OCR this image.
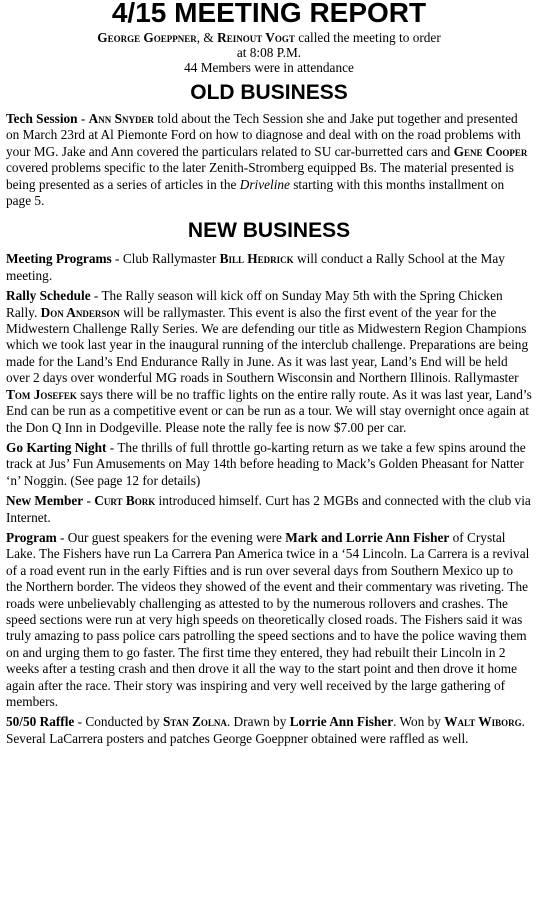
4/15 MEETING REPORT
George Goeppner, & Reinout Vogt called the meeting to order
at 8:08 P.M.
44 Members were in attendance
OLD BUSINESS

Tech Session - Ann Snyder told about the Tech Session she and Jake put together and presented on March 23rd at Al Piemonte Ford on how to diagnose and deal with on the road problems with your MG. Jake and Ann covered the particulars related to SU car-burretted cars and Gene Cooper covered problems specific to the later Zenith-Stromberg equipped Bs. The material presented is being presented as a series of articles in the Driveline starting with this months installment on page 5.

NEW BUSINESS

Meeting Programs - Club Rallymaster Bill Hedrick will conduct a Rally School at the May meeting.

Rally Schedule - The Rally season will kick off on Sunday May 5th with the Spring Chicken Rally. Don Anderson will be rallymaster. This event is also the first event of the year for the Midwestern Challenge Rally Series. We are defending our title as Midwestern Region Champions which we took last year in the inaugural running of the interclub challenge. Preparations are being made for the Land’s End Endurance Rally in June. As it was last year, Land’s End will be held over 2 days over wonderful MG roads in Southern Wisconsin and Northern Illinois. Rallymaster Tom Josefek says there will be no traffic lights on the entire rally route. As it was last year, Land’s End can be run as a competitive event or can be run as a tour. We will stay overnight once again at the Don Q Inn in Dodgeville. Please note the rally fee is now $7.00 per car.

Go Karting Night - The thrills of full throttle go-karting return as we take a few spins around the track at Jus’ Fun Amusements on May 14th before heading to Mack’s Golden Pheasant for Natter ‘n’ Noggin. (See page 12 for details)

New Member - Curt Bork introduced himself. Curt has 2 MGBs and connected with the club via Internet.

Program - Our guest speakers for the evening were Mark and Lorrie Ann Fisher of Crystal Lake. The Fishers have run La Carrera Pan America twice in a ‘54 Lincoln. La Carrera is a revival of a road event run in the early Fifties and is run over several days from Southern Mexico up to the Northern border. The videos they showed of the event and their commentary was riveting. The roads were unbelievably challenging as attested to by the numerous rollovers and crashes. The speed sections were run at very high speeds on theoretically closed roads. The Fishers said it was truly amazing to pass police cars patrolling the speed sections and to have the police waving them on and urging them to go faster. The first time they entered, they had rebuilt their Lincoln in 2 weeks after a testing crash and then drove it all the way to the start point and then drove it home again after the race. Their story was inspiring and very well received by the large gathering of members.

50/50 Raffle - Conducted by Stan Zolna. Drawn by Lorrie Ann Fisher. Won by Walt Wiborg. Several LaCarrera posters and patches George Goeppner obtained were raffled as well.
